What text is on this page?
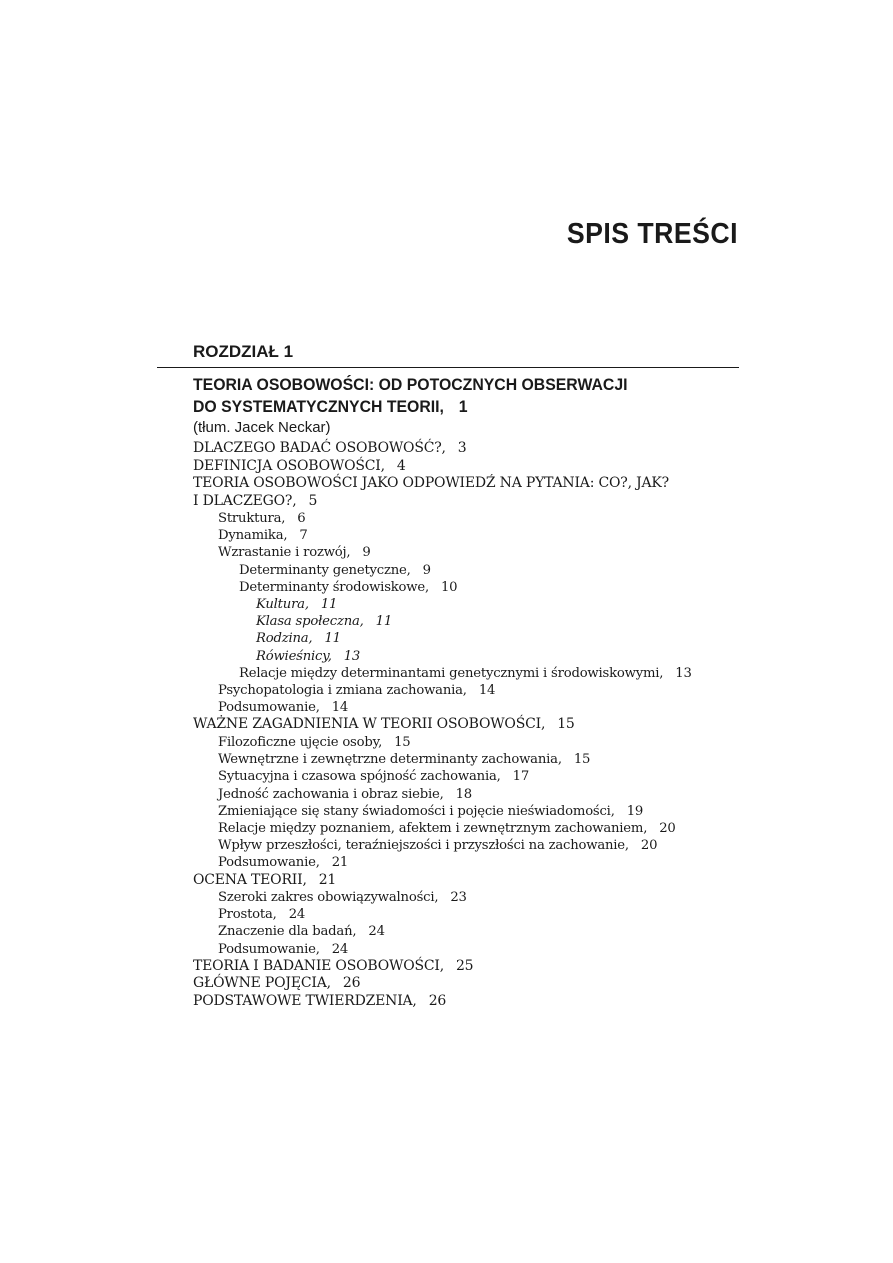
SPIS TREŚCI
ROZDZIAŁ 1
TEORIA OSOBOWOŚCI: OD POTOCZNYCH OBSERWACJI
DO SYSTEMATYCZNYCH TEORII, 1

(tłum. Jacek Neckar)

DLACZEGO BADAĆ OSOBOWOŚĆ?, 3
DEFINICJA OSOBOWOŚCI, 4
TEORIA OSOBOWOŚCI JAKO ODPOWIEDŹ NA PYTANIA: CO?, JAK?
I DLACZEGO?, 5
Struktura, 6
Dynamika, 7
Wzrastanie i rozwój, 9
Determinanty genetyczne, 9
Determinanty środowiskowe, 10
Kultura, 11
Klasa społeczna, 11
Rodzina, 11
Rówieśnicy, 13
Relacje między determinantami genetycznymi i środowiskowymi, 13
Psychopatologia i zmiana zachowania, 14
Podsumowanie, 14
WAŻNE ZAGADNIENIA W TEORII OSOBOWOŚCI, 15
Filozoficzne ujęcie osoby, 15
Wewnętrzne i zewnętrzne determinanty zachowania, 15
Sytuacyjna i czasowa spójność zachowania, 17
Jedność zachowania i obraz siebie, 18
Zmieniające się stany świadomości i pojęcie nieświadomości, 19
Relacje między poznaniem, afektem i zewnętrznym zachowaniem, 20
Wpływ przeszłości, teraźniejszości i przyszłości na zachowanie, 20
Podsumowanie, 21
OCENA TEORII, 21
Szeroki zakres obowiązywalności, 23
Prostota, 24
Znaczenie dla badań, 24
Podsumowanie, 24
TEORIA I BADANIE OSOBOWOŚCI, 25
GŁÓWNE POJĘCIA, 26
PODSTAWOWE TWIERDZENIA, 26
